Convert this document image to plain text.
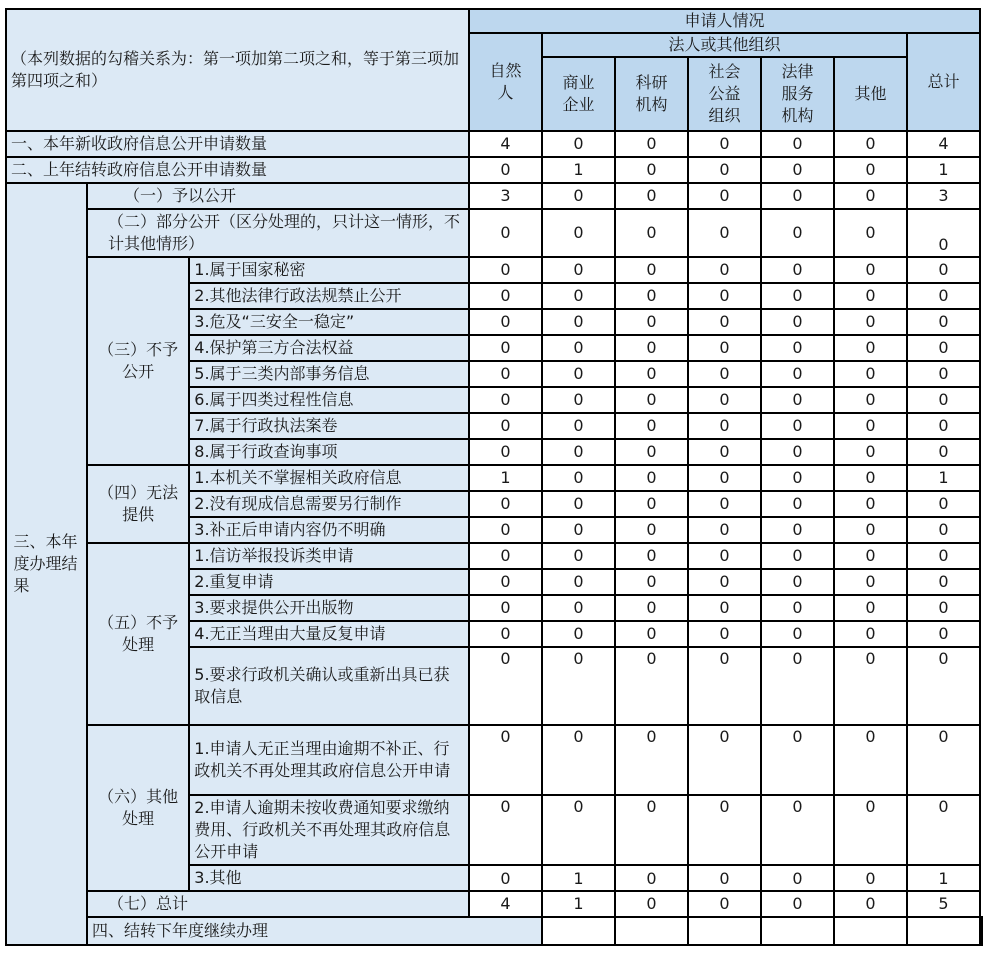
（本列数据的勾稽关系为：第一项加第二项之和，等于第三项加第四项之和）			申请人情况							
			自然人	法人或其他组织					总计	
				商业企业	科研机构	社会公益组织	法律服务机构	其他		
一、本年新收政府信息公开申请数量			4	0	0	0	0	0	4	
二、上年结转政府信息公开申请数量			0	1	0	0	0	0	1	
三、本年度办理结果	（一）予以公开		3	0	0	0	0	0	3	
	（二）部分公开（区分处理的，只计这一情形，不计其他情形）		0	0	0	0	0	0	0	
	（三）不予公开	1.属于国家秘密	0	0	0	0	0	0	0	
		2.其他法律行政法规禁止公开	0	0	0	0	0	0	0	
		3.危及“三安全一稳定”	0	0	0	0	0	0	0	
		4.保护第三方合法权益	0	0	0	0	0	0	0	
		5.属于三类内部事务信息	0	0	0	0	0	0	0	
		6.属于四类过程性信息	0	0	0	0	0	0	0	
		7.属于行政执法案卷	0	0	0	0	0	0	0	
		8.属于行政查询事项	0	0	0	0	0	0	0	
	（四）无法提供	1.本机关不掌握相关政府信息	1	0	0	0	0	0	1	
		2.没有现成信息需要另行制作	0	0	0	0	0	0	0	
		3.补正后申请内容仍不明确	0	0	0	0	0	0	0	
	（五）不予处理	1.信访举报投诉类申请	0	0	0	0	0	0	0	
		2.重复申请	0	0	0	0	0	0	0	
		3.要求提供公开出版物	0	0	0	0	0	0	0	
		4.无正当理由大量反复申请	0	0	0	0	0	0	0	
		5.要求行政机关确认或重新出具已获取信息	0	0	0	0	0	0	0	
	（六）其他处理	1.申请人无正当理由逾期不补正、行政机关不再处理其政府信息公开申请	0	0	0	0	0	0	0	
		2.申请人逾期未按收费通知要求缴纳费用、行政机关不再处理其政府信息公开申请	0	0	0	0	0	0	0	
		3.其他	0	1	0	0	0	0	1	
	（七）总计		4	1	0	0	0	0	5	
	四、结转下年度继续办理									
